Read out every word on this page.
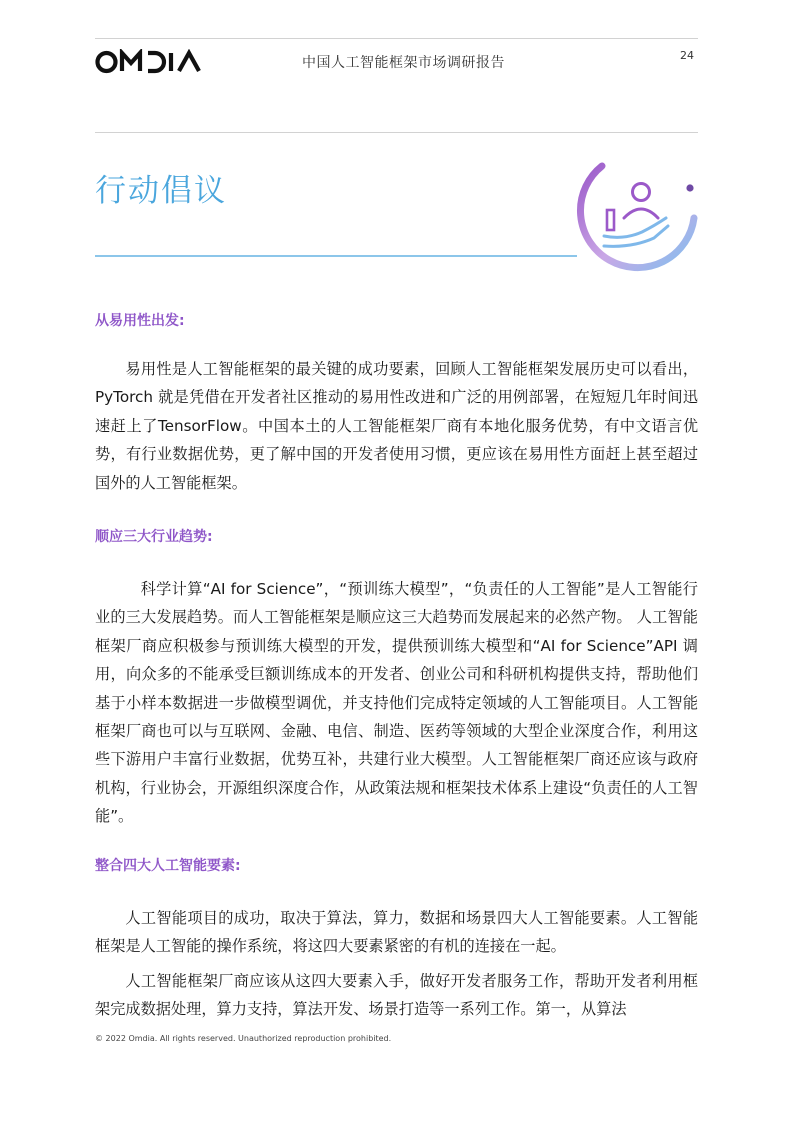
中国人工智能框架市场调研报告	24
行动倡议
从易用性出发:

易用性是人工智能框架的最关键的成功要素，回顾人工智能框架发展历史可以看出，PyTorch 就是凭借在开发者社区推动的易用性改进和广泛的用例部署，在短短几年时间迅速赶上了TensorFlow。中国本土的人工智能框架厂商有本地化服务优势，有中文语言优势，有行业数据优势，更了解中国的开发者使用习惯，更应该在易用性方面赶上甚至超过国外的人工智能框架。

顺应三大行业趋势:

科学计算“AI for Science”，“预训练大模型”，“负责任的人工智能”是人工智能行业的三大发展趋势。而人工智能框架是顺应这三大趋势而发展起来的必然产物。 人工智能框架厂商应积极参与预训练大模型的开发，提供预训练大模型和“AI for Science”API 调用，向众多的不能承受巨额训练成本的开发者、创业公司和科研机构提供支持，帮助他们基于小样本数据进一步做模型调优，并支持他们完成特定领域的人工智能项目。人工智能框架厂商也可以与互联网、金融、电信、制造、医药等领域的大型企业深度合作，利用这些下游用户丰富行业数据，优势互补，共建行业大模型。人工智能框架厂商还应该与政府机构，行业协会，开源组织深度合作，从政策法规和框架技术体系上建设“负责任的人工智能”。

整合四大人工智能要素:

人工智能项目的成功，取决于算法，算力，数据和场景四大人工智能要素。人工智能框架是人工智能的操作系统，将这四大要素紧密的有机的连接在一起。

人工智能框架厂商应该从这四大要素入手，做好开发者服务工作，帮助开发者利用框架完成数据处理，算力支持，算法开发、场景打造等一系列工作。第一，从算法

© 2022 Omdia. All rights reserved. Unauthorized reproduction prohibited.
